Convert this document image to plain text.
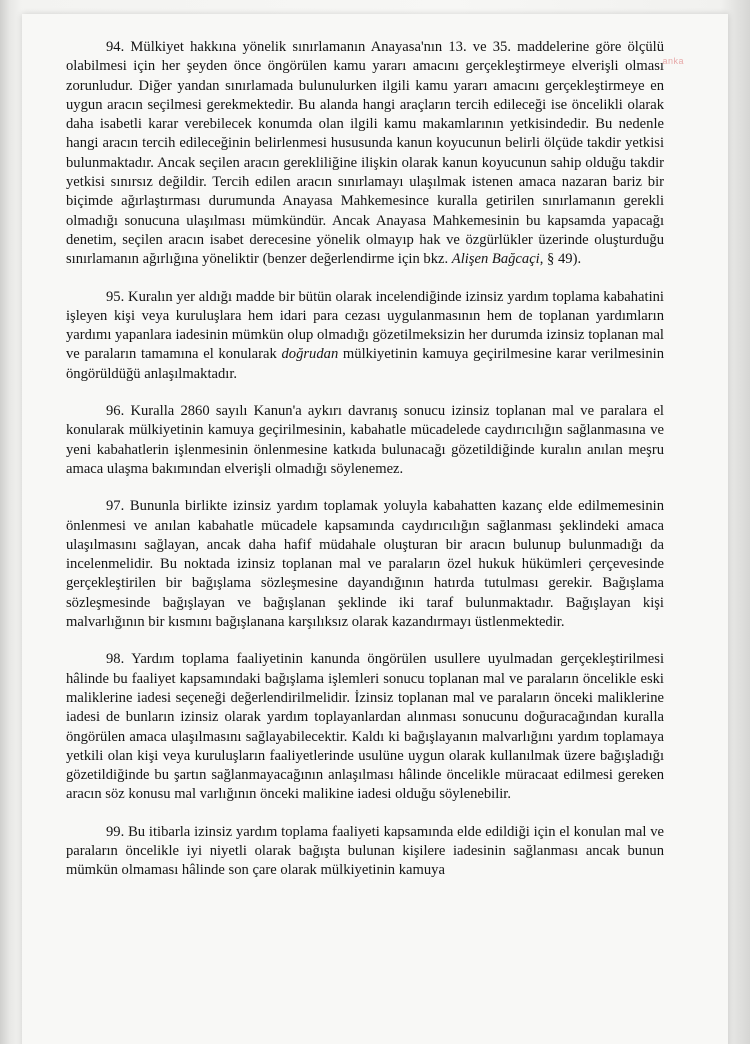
anka

94. Mülkiyet hakkına yönelik sınırlamanın Anayasa'nın 13. ve 35. maddelerine göre ölçülü olabilmesi için her şeyden önce öngörülen kamu yararı amacını gerçekleştirmeye elverişli olması zorunludur. Diğer yandan sınırlamada bulunulurken ilgili kamu yararı amacını gerçekleştirmeye en uygun aracın seçilmesi gerekmektedir. Bu alanda hangi araçların tercih edileceği ise öncelikli olarak daha isabetli karar verebilecek konumda olan ilgili kamu makamlarının yetkisindedir. Bu nedenle hangi aracın tercih edileceğinin belirlenmesi hususunda kanun koyucunun belirli ölçüde takdir yetkisi bulunmaktadır. Ancak seçilen aracın gerekliliğine ilişkin olarak kanun koyucunun sahip olduğu takdir yetkisi sınırsız değildir. Tercih edilen aracın sınırlamayı ulaşılmak istenen amaca nazaran bariz bir biçimde ağırlaştırması durumunda Anayasa Mahkemesince kuralla getirilen sınırlamanın gerekli olmadığı sonucuna ulaşılması mümkündür. Ancak Anayasa Mahkemesinin bu kapsamda yapacağı denetim, seçilen aracın isabet derecesine yönelik olmayıp hak ve özgürlükler üzerinde oluşturduğu sınırlamanın ağırlığına yöneliktir (benzer değerlendirme için bkz. Alişen Bağcaçi, § 49).

95. Kuralın yer aldığı madde bir bütün olarak incelendiğinde izinsiz yardım toplama kabahatini işleyen kişi veya kuruluşlara hem idari para cezası uygulanmasının hem de toplanan yardımların yardımı yapanlara iadesinin mümkün olup olmadığı gözetilmeksizin her durumda izinsiz toplanan mal ve paraların tamamına el konularak doğrudan mülkiyetinin kamuya geçirilmesine karar verilmesinin öngörüldüğü anlaşılmaktadır.

96. Kuralla 2860 sayılı Kanun'a aykırı davranış sonucu izinsiz toplanan mal ve paralara el konularak mülkiyetinin kamuya geçirilmesinin, kabahatle mücadelede caydırıcılığın sağlanmasına ve yeni kabahatlerin işlenmesinin önlenmesine katkıda bulunacağı gözetildiğinde kuralın anılan meşru amaca ulaşma bakımından elverişli olmadığı söylenemez.

97. Bununla birlikte izinsiz yardım toplamak yoluyla kabahatten kazanç elde edilmemesinin önlenmesi ve anılan kabahatle mücadele kapsamında caydırıcılığın sağlanması şeklindeki amaca ulaşılmasını sağlayan, ancak daha hafif müdahale oluşturan bir aracın bulunup bulunmadığı da incelenmelidir. Bu noktada izinsiz toplanan mal ve paraların özel hukuk hükümleri çerçevesinde gerçekleştirilen bir bağışlama sözleşmesine dayandığının hatırda tutulması gerekir. Bağışlama sözleşmesinde bağışlayan ve bağışlanan şeklinde iki taraf bulunmaktadır. Bağışlayan kişi malvarlığının bir kısmını bağışlanana karşılıksız olarak kazandırmayı üstlenmektedir.

98. Yardım toplama faaliyetinin kanunda öngörülen usullere uyulmadan gerçekleştirilmesi hâlinde bu faaliyet kapsamındaki bağışlama işlemleri sonucu toplanan mal ve paraların öncelikle eski maliklerine iadesi seçeneği değerlendirilmelidir. İzinsiz toplanan mal ve paraların önceki maliklerine iadesi de bunların izinsiz olarak yardım toplayanlardan alınması sonucunu doğuracağından kuralla öngörülen amaca ulaşılmasını sağlayabilecektir. Kaldı ki bağışlayanın malvarlığını yardım toplamaya yetkili olan kişi veya kuruluşların faaliyetlerinde usulüne uygun olarak kullanılmak üzere bağışladığı gözetildiğinde bu şartın sağlanmayacağının anlaşılması hâlinde öncelikle müracaat edilmesi gereken aracın söz konusu mal varlığının önceki malikine iadesi olduğu söylenebilir.

99. Bu itibarla izinsiz yardım toplama faaliyeti kapsamında elde edildiği için el konulan mal ve paraların öncelikle iyi niyetli olarak bağışta bulunan kişilere iadesinin sağlanması ancak bunun mümkün olmaması hâlinde son çare olarak mülkiyetinin kamuya
